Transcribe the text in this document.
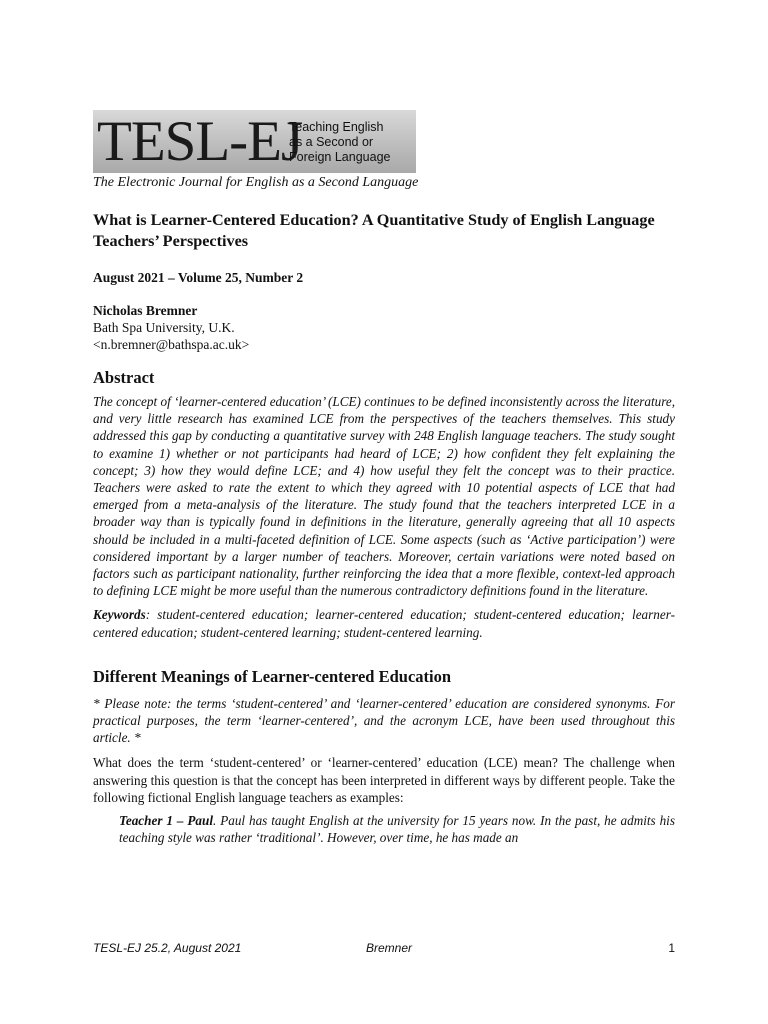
TESL-EJ
Teaching English
as a Second or
Foreign Language
The Electronic Journal for English as a Second Language
What is Learner-Centered Education? A Quantitative Study of English Language Teachers’ Perspectives
August 2021 – Volume 25, Number 2
Nicholas Bremner
Bath Spa University, U.K.
<n.bremner@bathspa.ac.uk>
Abstract

The concept of ‘learner-centered education’ (LCE) continues to be defined inconsistently across the literature, and very little research has examined LCE from the perspectives of the teachers themselves. This study addressed this gap by conducting a quantitative survey with 248 English language teachers. The study sought to examine 1) whether or not participants had heard of LCE; 2) how confident they felt explaining the concept; 3) how they would define LCE; and 4) how useful they felt the concept was to their practice. Teachers were asked to rate the extent to which they agreed with 10 potential aspects of LCE that had emerged from a meta-analysis of the literature. The study found that the teachers interpreted LCE in a broader way than is typically found in definitions in the literature, generally agreeing that all 10 aspects should be included in a multi-faceted definition of LCE. Some aspects (such as ‘Active participation’) were considered important by a larger number of teachers. Moreover, certain variations were noted based on factors such as participant nationality, further reinforcing the idea that a more flexible, context-led approach to defining LCE might be more useful than the numerous contradictory definitions found in the literature.

Keywords: student-centered education; learner-centered education; student-centered education; learner-centered education; student-centered learning; student-centered learning.
Different Meanings of Learner-centered Education

* Please note: the terms ‘student-centered’ and ‘learner-centered’ education are considered synonyms. For practical purposes, the term ‘learner-centered’, and the acronym LCE, have been used throughout this article. *

What does the term ‘student-centered’ or ‘learner-centered’ education (LCE) mean? The challenge when answering this question is that the concept has been interpreted in different ways by different people. Take the following fictional English language teachers as examples:
Teacher 1 – Paul. Paul has taught English at the university for 15 years now. In the past, he admits his teaching style was rather ‘traditional’. However, over time, he has made an
TESL-EJ 25.2, August 2021	Bremner	1
